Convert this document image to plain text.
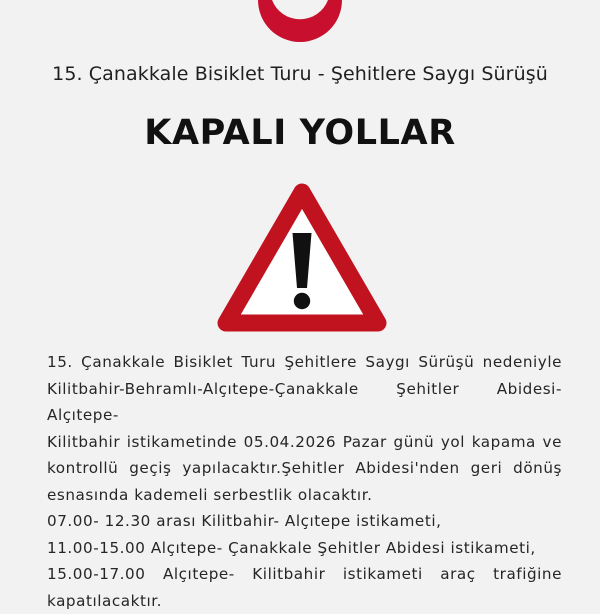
15. Çanakkale Bisiklet Turu - Şehitlere Saygı Sürüşü
KAPALI YOLLAR
15. Çanakkale Bisiklet Turu Şehitlere Saygı Sürüşü nedeniyle
Kilitbahir-Behramlı-Alçıtepe-Çanakkale Şehitler Abidesi-Alçıtepe-
Kilitbahir istikametinde 05.04.2026 Pazar günü yol kapama ve
kontrollü geçiş yapılacaktır.Şehitler Abidesi'nden geri dönüş
esnasında kademeli serbestlik olacaktır.
07.00- 12.30 arası Kilitbahir- Alçıtepe istikameti,
11.00-15.00 Alçıtepe- Çanakkale Şehitler Abidesi istikameti,
15.00-17.00 Alçıtepe- Kilitbahir istikameti araç trafiğine
kapatılacaktır.
